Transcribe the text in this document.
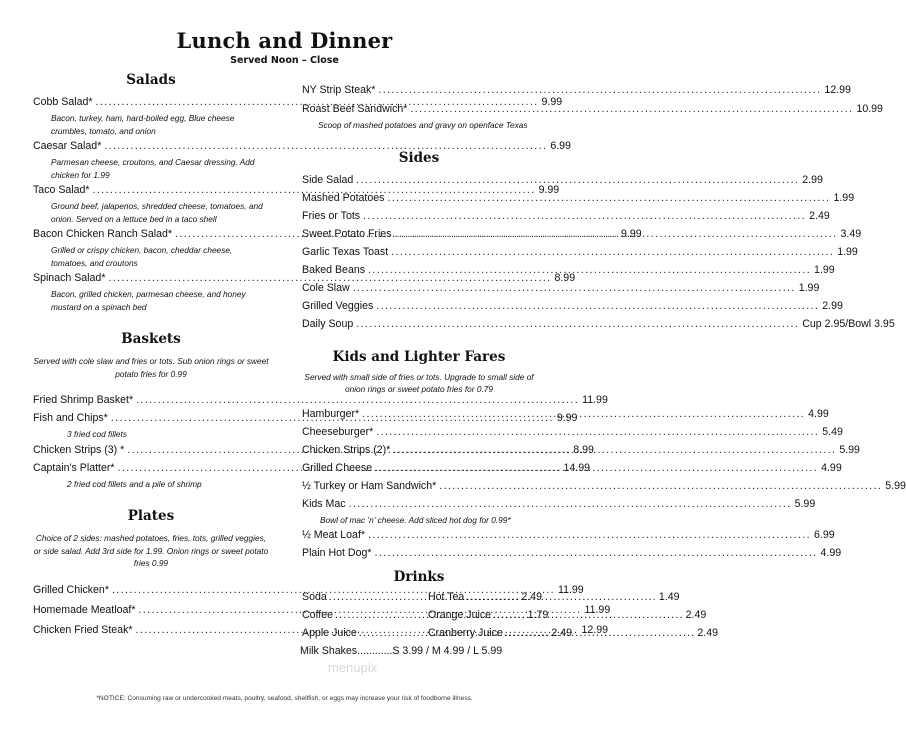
Lunch and Dinner
Served Noon – Close
Salads
Cobb Salad* .....	9.99
Bacon, turkey, ham, hard-boiled egg, Blue cheese crumbles, tomato, and onion
Caesar Salad* .....	6.99
Parmesan cheese, croutons, and Caesar dressing. Add chicken for 1.99
Taco Salad* .....	9.99
Ground beef, jalapenos, shredded cheese, tomatoes, and onion. Served on a lettuce bed in a taco shell
Bacon Chicken Ranch Salad* .....	9.99
Grilled or crispy chicken, bacon, cheddar cheese, tomatoes, and croutons
Spinach Salad* .....	8.99
Bacon, grilled chicken, parmesan cheese, and honey mustard on a spinach bed
Baskets
Served with cole slaw and fries or tots. Sub onion rings or sweet potato fries for 0.99
Fried Shrimp Basket* .....	11.99
Fish and Chips* .....	9.99
3 fried cod fillets
Chicken Strips (3) * .....	8.99
Captain's Platter* .....	14.99
2 fried cod fillets and a pile of shrimp
Plates
Choice of 2 sides: mashed potatoes, fries, tots, grilled veggies, or side salad. Add 3rd side for 1.99. Onion rings or sweet potato fries 0.99
Grilled Chicken* .....	11.99
Homemade Meatloaf* .....	11.99
Chicken Fried Steak* .....	12.99
NY Strip Steak* .....	12.99
Roast Beef Sandwich* .....	10.99
Scoop of mashed potatoes and gravy on openface Texas
Sides
Side Salad .....	2.99
Mashed Potatoes .....	1.99
Fries or Tots .....	2.49
Sweet Potato Fries .....	3.49
Garlic Texas Toast .....	1.99
Baked Beans .....	1.99
Cole Slaw .....	1.99
Grilled Veggies .....	2.99
Daily Soup .....	Cup 2.95/Bowl 3.95
Kids and Lighter Fares
Served with small side of fries or tots. Upgrade to small side of onion rings or sweet potato fries for 0.79
Hamburger* .....	4.99
Cheeseburger* .....	5.49
Chicken Strips (2)* .....	5.99
Grilled Cheese .....	4.99
½ Turkey or Ham Sandwich* .....	5.99
Kids Mac .....	5.99
Bowl of mac 'n' cheese. Add sliced hot dog for 0.99*
½ Meat Loaf* .....	6.99
Plain Hot Dog* .....	4.99
Drinks
Soda .....	2.49
Hot Tea .....	1.49
Coffee .....	1.79
Orange Juice .....	2.49
Apple Juice .....	2.49
Cranberry Juice .....	2.49
Milk Shakes............S 3.99 / M 4.99 / L 5.99
menupix
*NOTICE: Consuming raw or undercooked meats, poultry, seafood, shellfish, or eggs may increase your risk of foodborne illness.
